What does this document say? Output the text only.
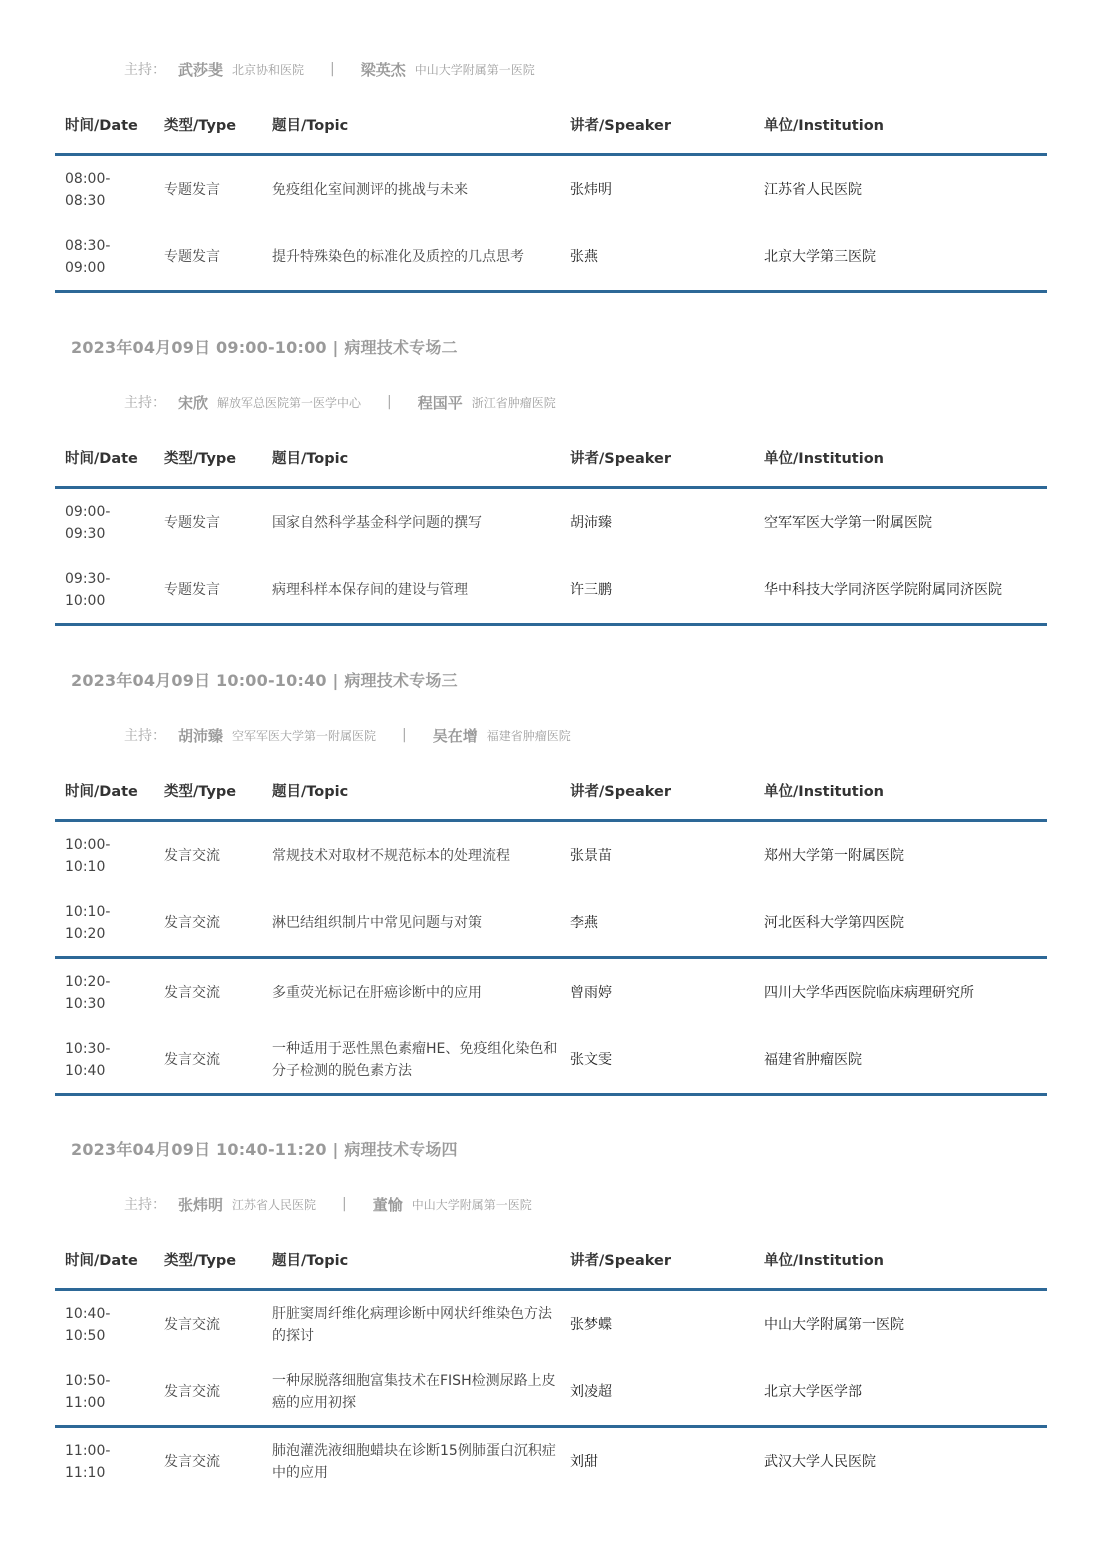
主持： 武莎斐 北京协和医院 | 梁英杰 中山大学附属第一医院
时间/Date	类型/Type	题目/Topic	讲者/Speaker	单位/Institution
08:00-
08:30	专题发言	免疫组化室间测评的挑战与未来	张炜明	江苏省人民医院
08:30-
09:00	专题发言	提升特殊染色的标准化及质控的几点思考	张燕	北京大学第三医院
2023年04月09日 09:00-10:00 | 病理技术专场二
主持： 宋欣 解放军总医院第一医学中心 | 程国平 浙江省肿瘤医院
时间/Date	类型/Type	题目/Topic	讲者/Speaker	单位/Institution
09:00-
09:30	专题发言	国家自然科学基金科学问题的撰写	胡沛臻	空军军医大学第一附属医院
09:30-
10:00	专题发言	病理科样本保存间的建设与管理	许三鹏	华中科技大学同济医学院附属同济医院
2023年04月09日 10:00-10:40 | 病理技术专场三
主持： 胡沛臻 空军军医大学第一附属医院 | 吴在增 福建省肿瘤医院
时间/Date	类型/Type	题目/Topic	讲者/Speaker	单位/Institution
10:00-
10:10	发言交流	常规技术对取材不规范标本的处理流程	张景苗	郑州大学第一附属医院
10:10-
10:20	发言交流	淋巴结组织制片中常见问题与对策	李燕	河北医科大学第四医院
10:20-
10:30	发言交流	多重荧光标记在肝癌诊断中的应用	曾雨婷	四川大学华西医院临床病理研究所
10:30-
10:40	发言交流	一种适用于恶性黑色素瘤HE、免疫组化染色和分子检测的脱色素方法	张文雯	福建省肿瘤医院
2023年04月09日 10:40-11:20 | 病理技术专场四
主持： 张炜明 江苏省人民医院 | 董愉 中山大学附属第一医院
时间/Date	类型/Type	题目/Topic	讲者/Speaker	单位/Institution
10:40-
10:50	发言交流	肝脏窦周纤维化病理诊断中网状纤维染色方法的探讨	张梦蝶	中山大学附属第一医院
10:50-
11:00	发言交流	一种尿脱落细胞富集技术在FISH检测尿路上皮癌的应用初探	刘凌超	北京大学医学部
11:00-
11:10	发言交流	肺泡灌洗液细胞蜡块在诊断15例肺蛋白沉积症中的应用	刘甜	武汉大学人民医院
